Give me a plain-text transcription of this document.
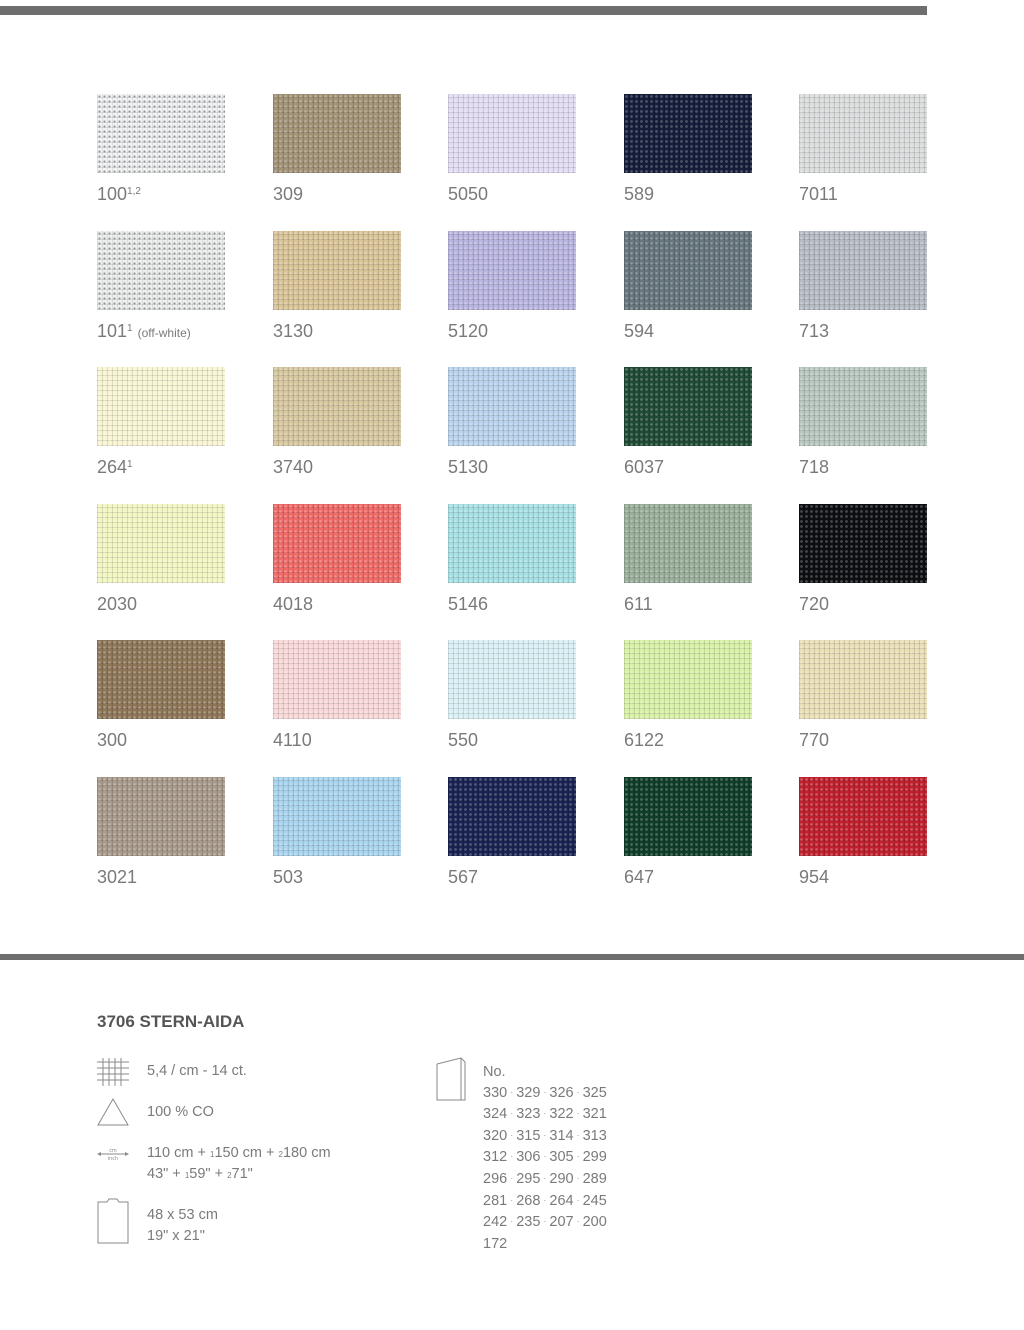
100$^{1,2}$	309	5050	589	7011
$101^1$ (off-white)	3130	5120	594	713
$264^1$	3740	5130	6037	718
2030	4018	5146	611	720
300	4110	550	6122	770
3021	503	567	647	954
3706 STERN-AIDA
5,4 / cm - 14 ct.
100 % CO
cm
inch 110 cm + $^1$150 cm + $^2$180 cm
43" + $^1$59" + $^2$71"
48 x 53 cm
19" x 21"
No.
330 · 329 · 326 · 325
324 · 323 · 322 · 321
320 · 315 · 314 · 313
312 · 306 · 305 · 299
296 · 295 · 290 · 289
281 · 268 · 264 · 245
242 · 235 · 207 · 200
172
